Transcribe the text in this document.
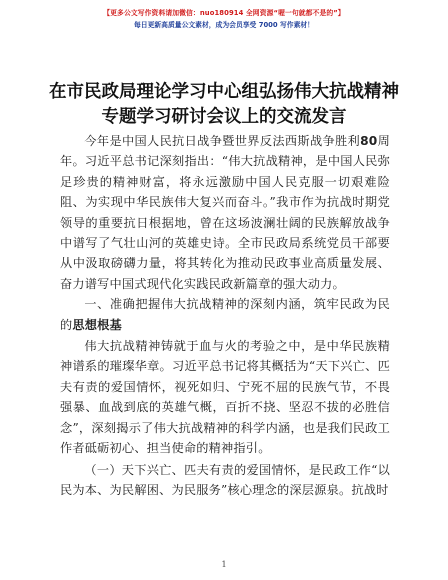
【更多公文写作资料请加微信：nuo180914 全网资源“喔一句就都不是的”】
每日更新高质量公文素材，成为会员享受 7000 写作素材！
在市民政局理论学习中心组弘扬伟大抗战精神
专题学习研讨会议上的交流发言

今年是中国人民抗日战争暨世界反法西斯战争胜利80周年。习近平总书记深刻指出：“伟大抗战精神，是中国人民弥足珍贵的精神财富，将永远激励中国人民克服一切艰难险阻、为实现中华民族伟大复兴而奋斗。”我市作为抗战时期党领导的重要抗日根据地，曾在这场波澜壮阔的民族解放战争中谱写了气壮山河的英雄史诗。全市民政局系统党员干部要从中汲取磅礴力量，将其转化为推动民政事业高质量发展、奋力谱写中国式现代化实践民政新篇章的强大动力。

一、准确把握伟大抗战精神的深刻内涵，筑牢民政为民的思想根基

伟大抗战精神铸就于血与火的考验之中，是中华民族精神谱系的璀璨华章。习近平总书记将其概括为“天下兴亡、匹夫有责的爱国情怀，视死如归、宁死不屈的民族气节，不畏强暴、血战到底的英雄气概，百折不挠、坚忍不拔的必胜信念”，深刻揭示了伟大抗战精神的科学内涵，也是我们民政工作者砥砺初心、担当使命的精神指引。

（一）天下兴亡、匹夫有责的爱国情怀，是民政工作“以民为本、为民解困、为民服务”核心理念的深层源泉。抗战时

1
